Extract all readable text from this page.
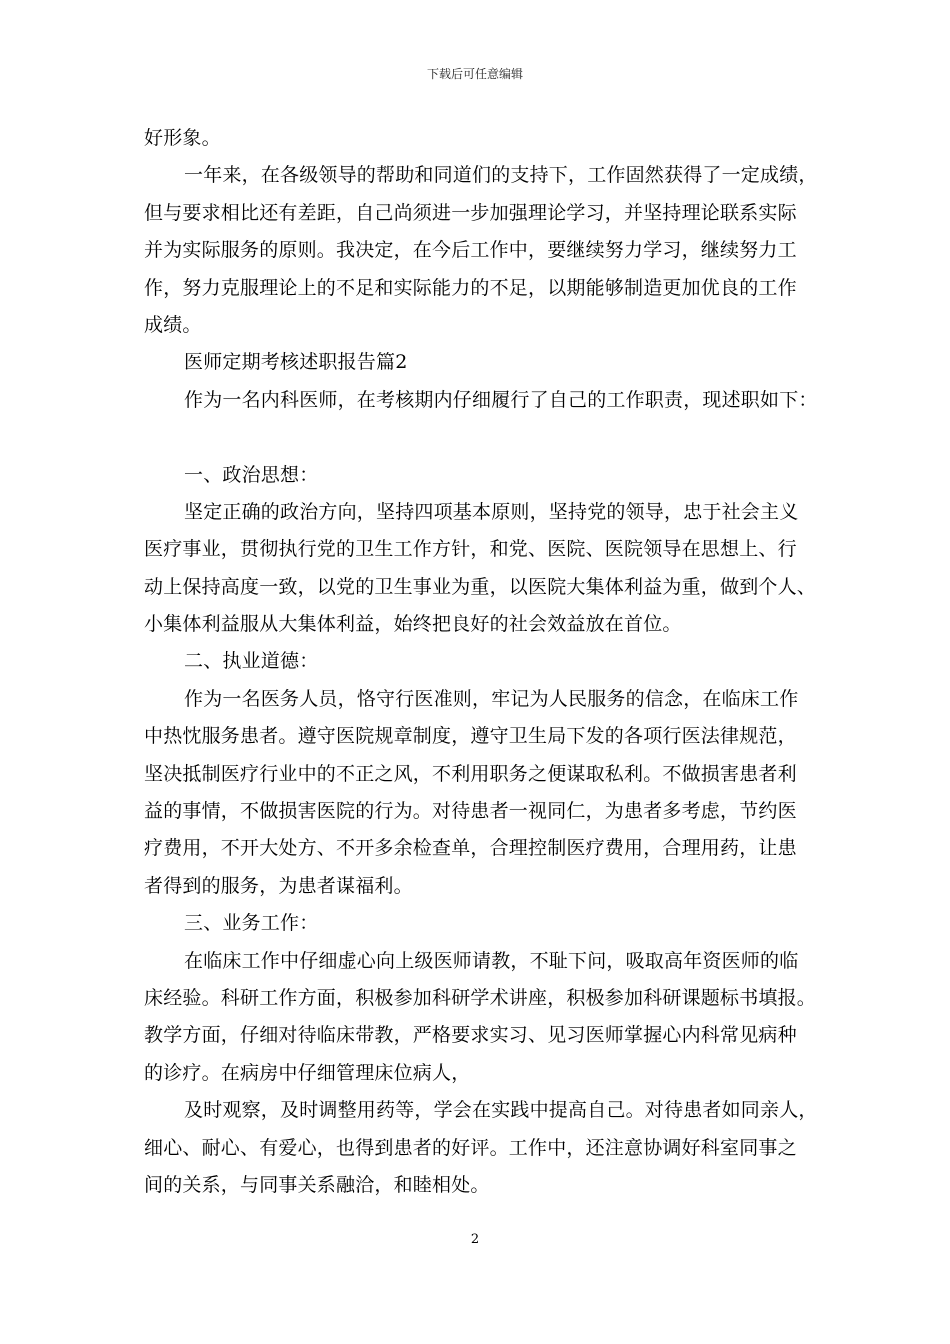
下载后可任意编辑
好形象。
一年来，在各级领导的帮助和同道们的支持下，工作固然获得了一定成绩，
但与要求相比还有差距，自己尚须进一步加强理论学习，并坚持理论联系实际
并为实际服务的原则。我决定，在今后工作中，要继续努力学习，继续努力工
作，努力克服理论上的不足和实际能力的不足，以期能够制造更加优良的工作
成绩。
医师定期考核述职报告篇2
作为一名内科医师，在考核期内仔细履行了自己的工作职责，现述职如下：
一、政治思想：
坚定正确的政治方向，坚持四项基本原则，坚持党的领导，忠于社会主义
医疗事业，贯彻执行党的卫生工作方针，和党、医院、医院领导在思想上、行
动上保持高度一致，以党的卫生事业为重，以医院大集体利益为重，做到个人、
小集体利益服从大集体利益，始终把良好的社会效益放在首位。
二、执业道德：
作为一名医务人员，恪守行医准则，牢记为人民服务的信念，在临床工作
中热忱服务患者。遵守医院规章制度，遵守卫生局下发的各项行医法律规范，
坚决抵制医疗行业中的不正之风，不利用职务之便谋取私利。不做损害患者利
益的事情，不做损害医院的行为。对待患者一视同仁，为患者多考虑，节约医
疗费用，不开大处方、不开多余检查单，合理控制医疗费用，合理用药，让患
者得到的服务，为患者谋福利。
三、业务工作：
在临床工作中仔细虚心向上级医师请教，不耻下问，吸取高年资医师的临
床经验。科研工作方面，积极参加科研学术讲座，积极参加科研课题标书填报。
教学方面，仔细对待临床带教，严格要求实习、见习医师掌握心内科常见病种
的诊疗。在病房中仔细管理床位病人，
及时观察，及时调整用药等，学会在实践中提高自己。对待患者如同亲人，
细心、耐心、有爱心，也得到患者的好评。工作中，还注意协调好科室同事之
间的关系，与同事关系融洽，和睦相处。
2
